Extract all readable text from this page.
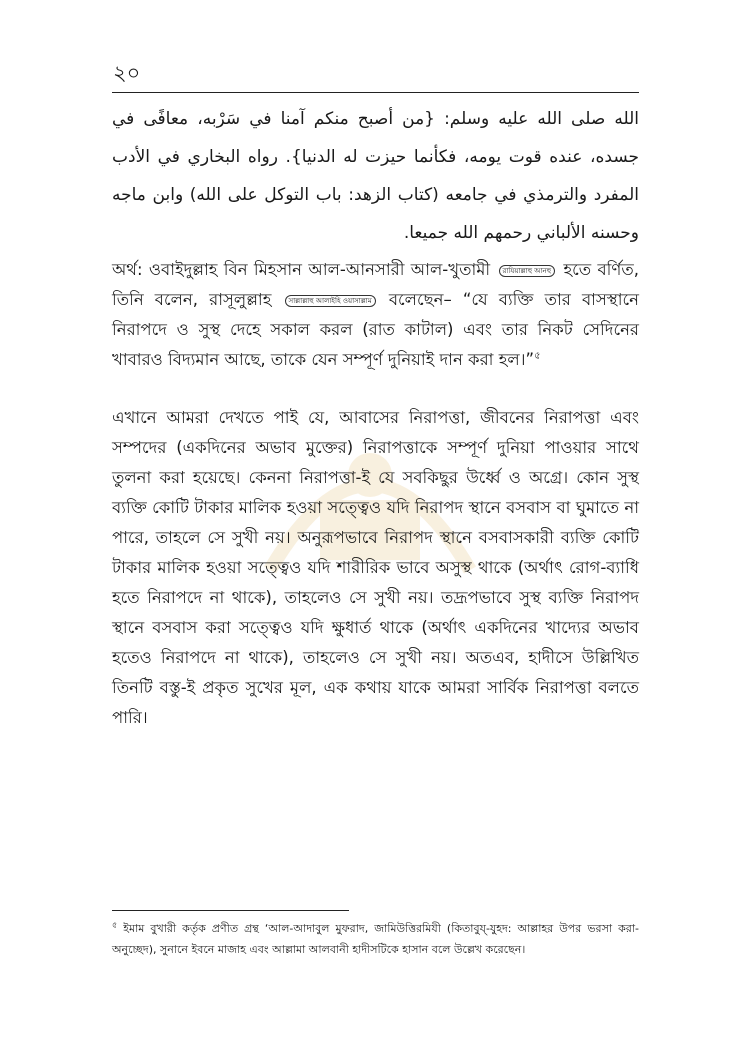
২০
الله صلى الله عليه وسلم: {من أصبح منكم آمنا في سَرْبه، معافًى في جسده، عنده قوت يومه، فكأنما حيزت له الدنيا}. رواه البخاري في الأدب المفرد والترمذي في جامعه (كتاب الزهد: باب التوكل على الله) وابن ماجه وحسنه الألباني رحمهم الله جميعا.
অর্থ: ওবাইদুল্লাহ বিন মিহসান আল-আনসারী আল-খুতামী রাযিয়াল্লাহু আনহু হতে বর্ণিত, তিনি বলেন, রাসূলুল্লাহ সাল্লাল্লাহু আলাইহি ওয়াসাল্লাম বলেছেন– “যে ব্যক্তি তার বাসস্থানে নিরাপদে ও সুস্থ দেহে সকাল করল (রাত কাটাল) এবং তার নিকট সেদিনের খাবারও বিদ্যমান আছে, তাকে যেন সম্পূর্ণ দুনিয়াই দান করা হল।”$^৫$
এখানে আমরা দেখতে পাই যে, আবাসের নিরাপত্তা, জীবনের নিরাপত্তা এবং সম্পদের (একদিনের অভাব মুক্তের) নিরাপত্তাকে সম্পূর্ণ দুনিয়া পাওয়ার সাথে তুলনা করা হয়েছে। কেননা নিরাপত্তা-ই যে সবকিছুর উর্ধ্বে ও অগ্রে। কোন সুস্থ ব্যক্তি কোটি টাকার মালিক হওয়া সত্ত্বেও যদি নিরাপদ স্থানে বসবাস বা ঘুমাতে না পারে, তাহলে সে সুখী নয়। অনুরূপভাবে নিরাপদ স্থানে বসবাসকারী ব্যক্তি কোটি টাকার মালিক হওয়া সত্ত্বেও যদি শারীরিক ভাবে অসুস্থ থাকে (অর্থাৎ রোগ-ব্যাধি হতে নিরাপদে না থাকে), তাহলেও সে সুখী নয়। তদ্রূপভাবে সুস্থ ব্যক্তি নিরাপদ স্থানে বসবাস করা সত্ত্বেও যদি ক্ষুধার্ত থাকে (অর্থাৎ একদিনের খাদ্যের অভাব হতেও নিরাপদে না থাকে), তাহলেও সে সুখী নয়। অতএব, হাদীসে উল্লিখিত তিনটি বস্তু-ই প্রকৃত সুখের মূল, এক কথায় যাকে আমরা সার্বিক নিরাপত্তা বলতে পারি।
$^৫$ ইমাম বুখারী কর্তৃক প্রণীত গ্রন্থ ‘আল-আদাবুল মুফরাদ, জামিউত্তিরমিযী (কিতাবুয্-যুহদ: আল্লাহর উপর ভরসা করা- অনুচ্ছেদ), সুনানে ইবনে মাজাহ এবং আল্লামা আলবানী হাদীসটিকে হাসান বলে উল্লেখ করেছেন।
